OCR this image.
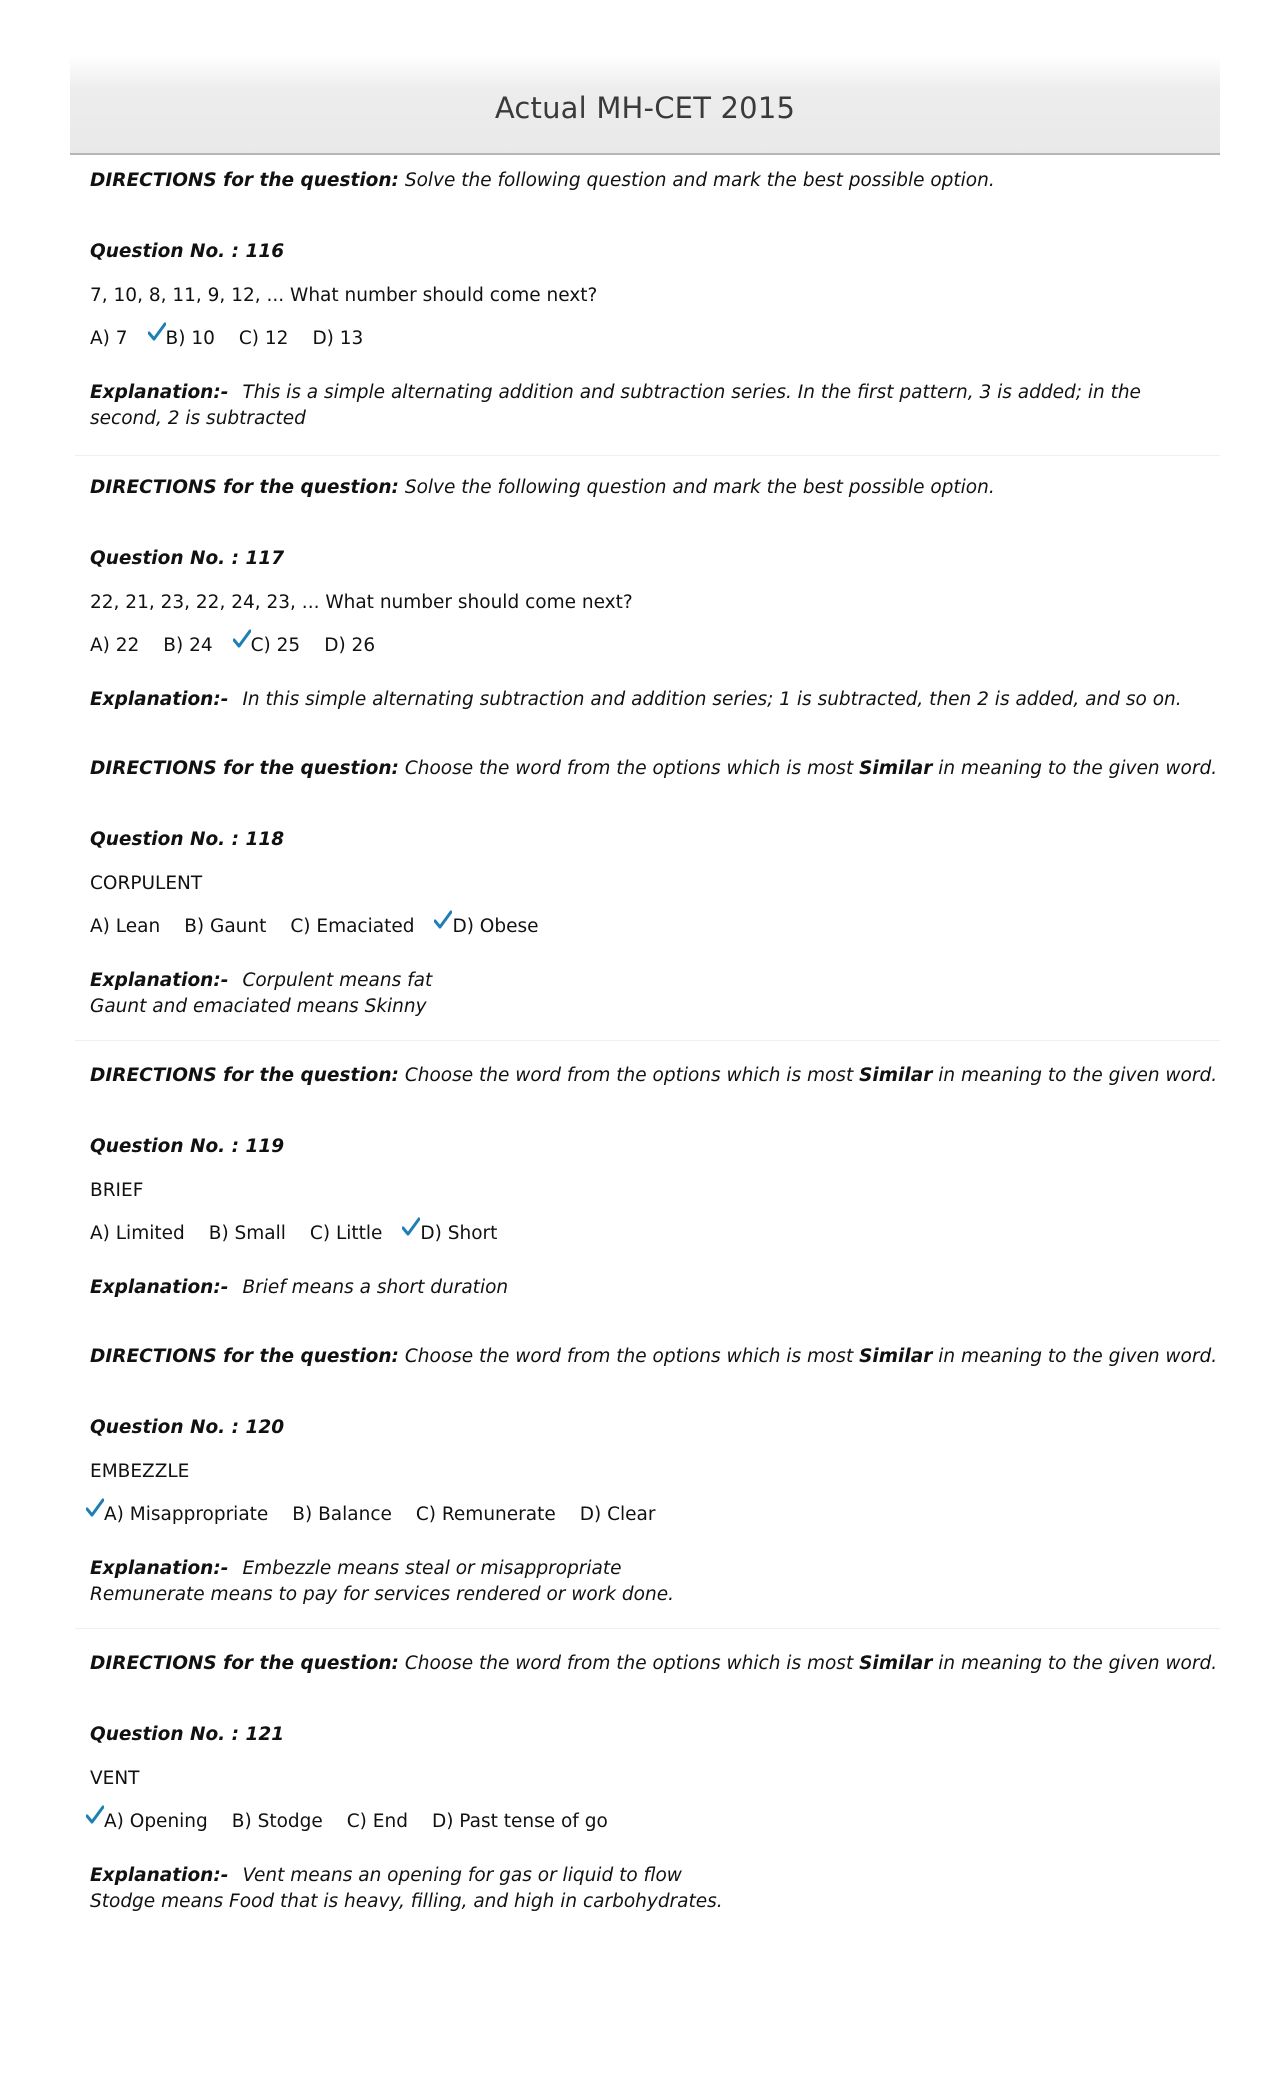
Actual MH-CET 2015
DIRECTIONS for the question: Solve the following question and mark the best possible option.
Question No. : 116
7, 10, 8, 11, 9, 12, ... What number should come next?
A) 7	B) 10 C) 12 D) 13
Explanation:- This is a simple alternating addition and subtraction series. In the first pattern, 3 is added; in the second, 2 is subtracted
DIRECTIONS for the question: Solve the following question and mark the best possible option.
Question No. : 117
22, 21, 23, 22, 24, 23, ... What number should come next?
A) 22 B) 24	C) 25 D) 26
Explanation:- In this simple alternating subtraction and addition series; 1 is subtracted, then 2 is added, and so on.
DIRECTIONS for the question: Choose the word from the options which is most Similar in meaning to the given word.
Question No. : 118
CORPULENT
A) Lean B) Gaunt C) Emaciated	D) Obese
Explanation:- Corpulent means fat
Gaunt and emaciated means Skinny
DIRECTIONS for the question: Choose the word from the options which is most Similar in meaning to the given word.
Question No. : 119
BRIEF
A) Limited B) Small C) Little	D) Short
Explanation:- Brief means a short duration
DIRECTIONS for the question: Choose the word from the options which is most Similar in meaning to the given word.
Question No. : 120
EMBEZZLE
A) Misappropriate B) Balance C) Remunerate D) Clear
Explanation:- Embezzle means steal or misappropriate
Remunerate means to pay for services rendered or work done.
DIRECTIONS for the question: Choose the word from the options which is most Similar in meaning to the given word.
Question No. : 121
VENT
A) Opening B) Stodge C) End D) Past tense of go
Explanation:- Vent means an opening for gas or liquid to flow
Stodge means Food that is heavy, filling, and high in carbohydrates.
